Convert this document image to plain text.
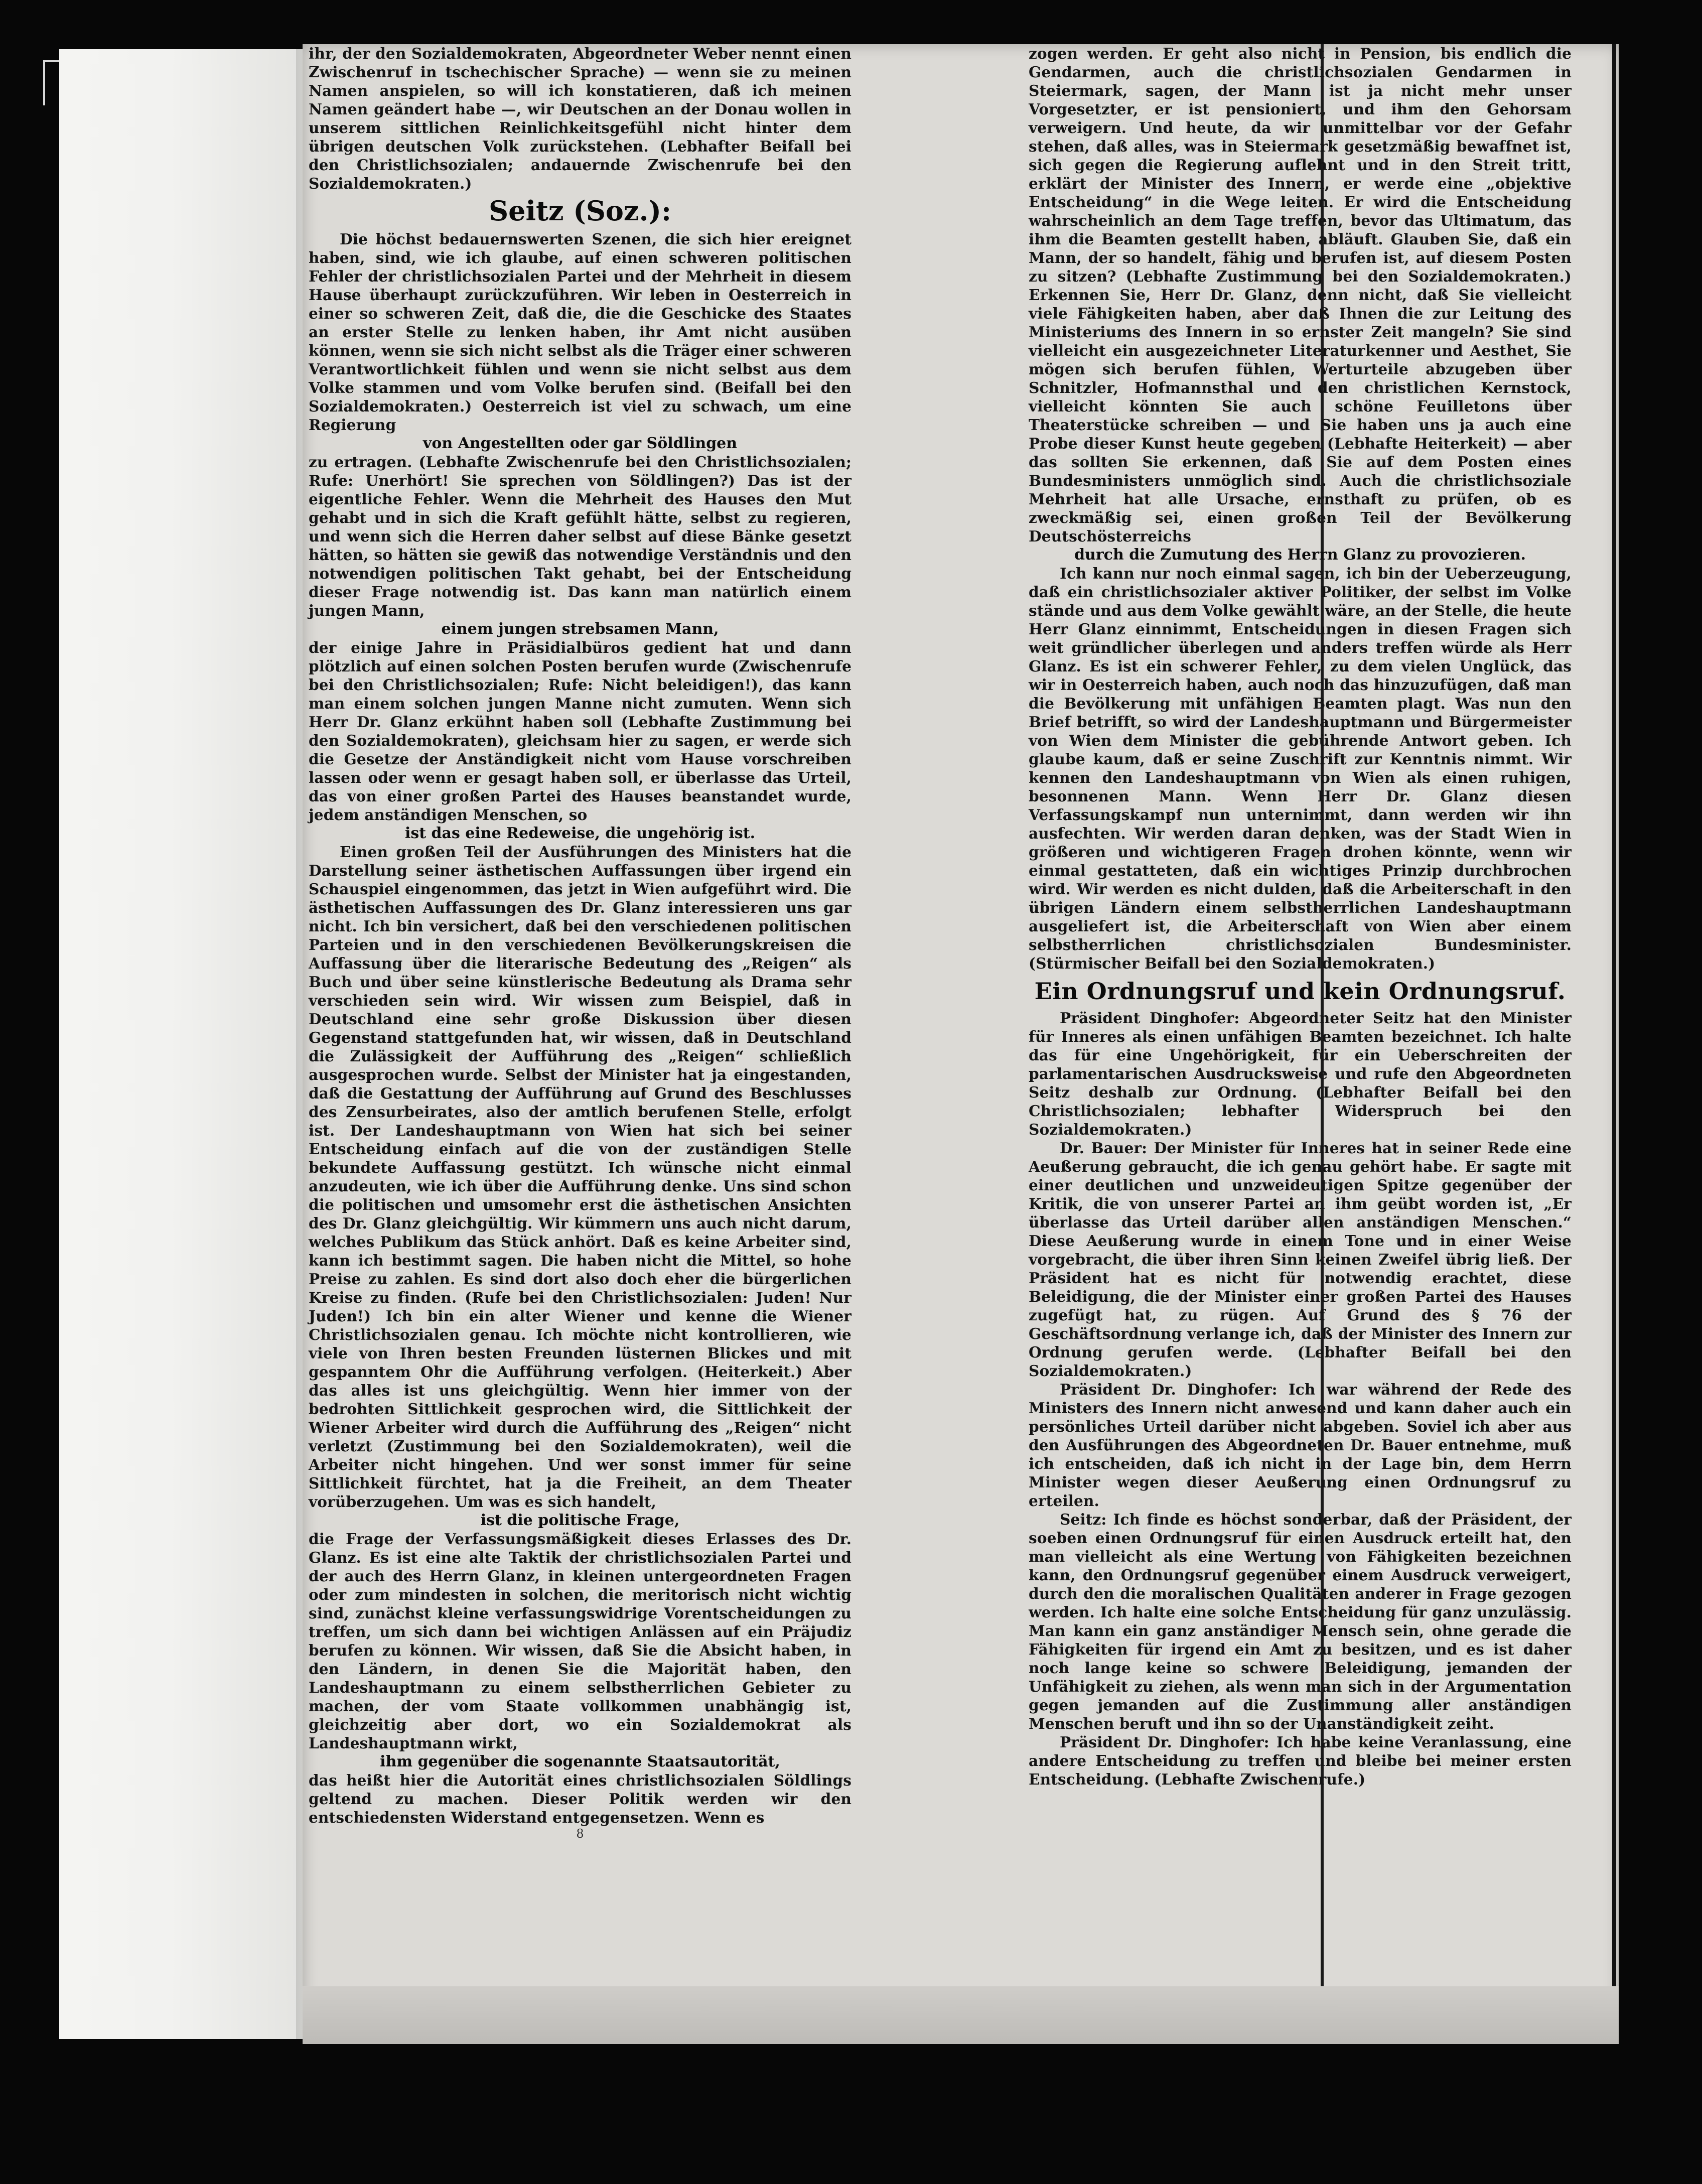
ihr, der den Sozialdemokraten, Abgeordneter Weber nennt einen Zwischenruf in tschechischer Sprache) — wenn sie zu meinen Namen anspielen, so will ich konstatieren, daß ich meinen Namen geändert habe —, wir Deutschen an der Donau wollen in unserem sittlichen Reinlichkeitsgefühl nicht hinter dem übrigen deutschen Volk zurückstehen. (Lebhafter Beifall bei den Christlichsozialen; andauernde Zwischenrufe bei den Sozialdemokraten.)

Seitz (Soz.):

Die höchst bedauernswerten Szenen, die sich hier ereignet haben, sind, wie ich glaube, auf einen schweren politischen Fehler der christlichsozialen Partei und der Mehrheit in diesem Hause überhaupt zurückzuführen. Wir leben in Oesterreich in einer so schweren Zeit, daß die, die die Geschicke des Staates an erster Stelle zu lenken haben, ihr Amt nicht ausüben können, wenn sie sich nicht selbst als die Träger einer schweren Verantwortlichkeit fühlen und wenn sie nicht selbst aus dem Volke stammen und vom Volke berufen sind. (Beifall bei den Sozialdemokraten.) Oesterreich ist viel zu schwach, um eine Regierung

von Angestellten oder gar Söldlingen

zu ertragen. (Lebhafte Zwischenrufe bei den Christlichsozialen; Rufe: Unerhört! Sie sprechen von Söldlingen?) Das ist der eigentliche Fehler. Wenn die Mehrheit des Hauses den Mut gehabt und in sich die Kraft gefühlt hätte, selbst zu regieren, und wenn sich die Herren daher selbst auf diese Bänke gesetzt hätten, so hätten sie gewiß das notwendige Verständnis und den notwendigen politischen Takt gehabt, bei der Entscheidung dieser Frage notwendig ist. Das kann man natürlich einem jungen Mann,

einem jungen strebsamen Mann,

der einige Jahre in Präsidialbüros gedient hat und dann plötzlich auf einen solchen Posten berufen wurde (Zwischenrufe bei den Christlichsozialen; Rufe: Nicht beleidigen!), das kann man einem solchen jungen Manne nicht zumuten. Wenn sich Herr Dr. Glanz erkühnt haben soll (Lebhafte Zustimmung bei den Sozialdemokraten), gleichsam hier zu sagen, er werde sich die Gesetze der Anständigkeit nicht vom Hause vorschreiben lassen oder wenn er gesagt haben soll, er überlasse das Urteil, das von einer großen Partei des Hauses beanstandet wurde, jedem anständigen Menschen, so

ist das eine Redeweise, die ungehörig ist.

Einen großen Teil der Ausführungen des Ministers hat die Darstellung seiner ästhetischen Auffassungen über irgend ein Schauspiel eingenommen, das jetzt in Wien aufgeführt wird. Die ästhetischen Auffassungen des Dr. Glanz interessieren uns gar nicht. Ich bin versichert, daß bei den verschiedenen politischen Parteien und in den verschiedenen Bevölkerungskreisen die Auffassung über die literarische Bedeutung des „Reigen“ als Buch und über seine künstlerische Bedeutung als Drama sehr verschieden sein wird. Wir wissen zum Beispiel, daß in Deutschland eine sehr große Diskussion über diesen Gegenstand stattgefunden hat, wir wissen, daß in Deutschland die Zulässigkeit der Aufführung des „Reigen“ schließlich ausgesprochen wurde. Selbst der Minister hat ja eingestanden, daß die Gestattung der Aufführung auf Grund des Beschlusses des Zensurbeirates, also der amtlich berufenen Stelle, erfolgt ist. Der Landeshauptmann von Wien hat sich bei seiner Entscheidung einfach auf die von der zuständigen Stelle bekundete Auffassung gestützt. Ich wünsche nicht einmal anzudeuten, wie ich über die Aufführung denke. Uns sind schon die politischen und umsomehr erst die ästhetischen Ansichten des Dr. Glanz gleichgültig. Wir kümmern uns auch nicht darum, welches Publikum das Stück anhört. Daß es keine Arbeiter sind, kann ich bestimmt sagen. Die haben nicht die Mittel, so hohe Preise zu zahlen. Es sind dort also doch eher die bürgerlichen Kreise zu finden. (Rufe bei den Christlichsozialen: Juden! Nur Juden!) Ich bin ein alter Wiener und kenne die Wiener Christlichsozialen genau. Ich möchte nicht kontrollieren, wie viele von Ihren besten Freunden lüsternen Blickes und mit gespanntem Ohr die Aufführung verfolgen. (Heiterkeit.) Aber das alles ist uns gleichgültig. Wenn hier immer von der bedrohten Sittlichkeit gesprochen wird, die Sittlichkeit der Wiener Arbeiter wird durch die Aufführung des „Reigen“ nicht verletzt (Zustimmung bei den Sozialdemokraten), weil die Arbeiter nicht hingehen. Und wer sonst immer für seine Sittlichkeit fürchtet, hat ja die Freiheit, an dem Theater vorüberzugehen. Um was es sich handelt,

ist die politische Frage,

die Frage der Verfassungsmäßigkeit dieses Erlasses des Dr. Glanz. Es ist eine alte Taktik der christlichsozialen Partei und der auch des Herrn Glanz, in kleinen untergeordneten Fragen oder zum mindesten in solchen, die meritorisch nicht wichtig sind, zunächst kleine verfassungswidrige Vorentscheidungen zu treffen, um sich dann bei wichtigen Anlässen auf ein Präjudiz berufen zu können. Wir wissen, daß Sie die Absicht haben, in den Ländern, in denen Sie die Majorität haben, den Landeshauptmann zu einem selbstherrlichen Gebieter zu machen, der vom Staate vollkommen unabhängig ist, gleichzeitig aber dort, wo ein Sozialdemokrat als Landeshauptmann wirkt,

ihm gegenüber die sogenannte Staatsautorität,

das heißt hier die Autorität eines christlichsozialen Söldlings geltend zu machen. Dieser Politik werden wir den entschiedensten Widerstand entgegensetzen. Wenn es

8

zogen werden. Er geht also nicht in Pension, bis endlich die Gendarmen, auch die christlichsozialen Gendarmen in Steiermark, sagen, der Mann ist ja nicht mehr unser Vorgesetzter, er ist pensioniert, und ihm den Gehorsam verweigern. Und heute, da wir unmittelbar vor der Gefahr stehen, daß alles, was in Steiermark gesetzmäßig bewaffnet ist, sich gegen die Regierung auflehnt und in den Streit tritt, erklärt der Minister des Innern, er werde eine „objektive Entscheidung“ in die Wege leiten. Er wird die Entscheidung wahrscheinlich an dem Tage treffen, bevor das Ultimatum, das ihm die Beamten gestellt haben, abläuft. Glauben Sie, daß ein Mann, der so handelt, fähig und berufen ist, auf diesem Posten zu sitzen? (Lebhafte Zustimmung bei den Sozialdemokraten.) Erkennen Sie, Herr Dr. Glanz, denn nicht, daß Sie vielleicht viele Fähigkeiten haben, aber daß Ihnen die zur Leitung des Ministeriums des Innern in so ernster Zeit mangeln? Sie sind vielleicht ein ausgezeichneter Literaturkenner und Aesthet, Sie mögen sich berufen fühlen, Werturteile abzugeben über Schnitzler, Hofmannsthal und den christlichen Kernstock, vielleicht könnten Sie auch schöne Feuilletons über Theaterstücke schreiben — und Sie haben uns ja auch eine Probe dieser Kunst heute gegeben (Lebhafte Heiterkeit) — aber das sollten Sie erkennen, daß Sie auf dem Posten eines Bundesministers unmöglich sind. Auch die christlichsoziale Mehrheit hat alle Ursache, ernsthaft zu prüfen, ob es zweckmäßig sei, einen großen Teil der Bevölkerung Deutschösterreichs

durch die Zumutung des Herrn Glanz zu provozieren.

Ich kann nur noch einmal sagen, ich bin der Ueberzeugung, daß ein christlichsozialer aktiver Politiker, der selbst im Volke stände und aus dem Volke gewählt wäre, an der Stelle, die heute Herr Glanz einnimmt, Entscheidungen in diesen Fragen sich weit gründlicher überlegen und anders treffen würde als Herr Glanz. Es ist ein schwerer Fehler, zu dem vielen Unglück, das wir in Oesterreich haben, auch noch das hinzuzufügen, daß man die Bevölkerung mit unfähigen Beamten plagt. Was nun den Brief betrifft, so wird der Landeshauptmann und Bürgermeister von Wien dem Minister die gebührende Antwort geben. Ich glaube kaum, daß er seine Zuschrift zur Kenntnis nimmt. Wir kennen den Landeshauptmann von Wien als einen ruhigen, besonnenen Mann. Wenn Herr Dr. Glanz diesen Verfassungskampf nun unternimmt, dann werden wir ihn ausfechten. Wir werden daran denken, was der Stadt Wien in größeren und wichtigeren Fragen drohen könnte, wenn wir einmal gestatteten, daß ein wichtiges Prinzip durchbrochen wird. Wir werden es nicht dulden, daß die Arbeiterschaft in den übrigen Ländern einem selbstherrlichen Landeshauptmann ausgeliefert ist, die Arbeiterschaft von Wien aber einem selbstherrlichen christlichsozialen Bundesminister. (Stürmischer Beifall bei den Sozialdemokraten.)

Ein Ordnungsruf und kein Ordnungsruf.

Präsident Dinghofer: Abgeordneter Seitz hat den Minister für Inneres als einen unfähigen Beamten bezeichnet. Ich halte das für eine Ungehörigkeit, für ein Ueberschreiten der parlamentarischen Ausdrucksweise und rufe den Abgeordneten Seitz deshalb zur Ordnung. (Lebhafter Beifall bei den Christlichsozialen; lebhafter Widerspruch bei den Sozialdemokraten.)

Dr. Bauer: Der Minister für Inneres hat in seiner Rede eine Aeußerung gebraucht, die ich genau gehört habe. Er sagte mit einer deutlichen und unzweideutigen Spitze gegenüber der Kritik, die von unserer Partei an ihm geübt worden ist, „Er überlasse das Urteil darüber allen anständigen Menschen.“ Diese Aeußerung wurde in einem Tone und in einer Weise vorgebracht, die über ihren Sinn keinen Zweifel übrig ließ. Der Präsident hat es nicht für notwendig erachtet, diese Beleidigung, die der Minister einer großen Partei des Hauses zugefügt hat, zu rügen. Auf Grund des § 76 der Geschäftsordnung verlange ich, daß der Minister des Innern zur Ordnung gerufen werde. (Lebhafter Beifall bei den Sozialdemokraten.)

Präsident Dr. Dinghofer: Ich war während der Rede des Ministers des Innern nicht anwesend und kann daher auch ein persönliches Urteil darüber nicht abgeben. Soviel ich aber aus den Ausführungen des Abgeordneten Dr. Bauer entnehme, muß ich entscheiden, daß ich nicht in der Lage bin, dem Herrn Minister wegen dieser Aeußerung einen Ordnungsruf zu erteilen.

Seitz: Ich finde es höchst sonderbar, daß der Präsident, der soeben einen Ordnungsruf für einen Ausdruck erteilt hat, den man vielleicht als eine Wertung von Fähigkeiten bezeichnen kann, den Ordnungsruf gegenüber einem Ausdruck verweigert, durch den die moralischen Qualitäten anderer in Frage gezogen werden. Ich halte eine solche Entscheidung für ganz unzulässig. Man kann ein ganz anständiger Mensch sein, ohne gerade die Fähigkeiten für irgend ein Amt zu besitzen, und es ist daher noch lange keine so schwere Beleidigung, jemanden der Unfähigkeit zu ziehen, als wenn man sich in der Argumentation gegen jemanden auf die Zustimmung aller anständigen Menschen beruft und ihn so der Unanständigkeit zeiht.

Präsident Dr. Dinghofer: Ich habe keine Veranlassung, eine andere Entscheidung zu treffen und bleibe bei meiner ersten Entscheidung. (Lebhafte Zwischenrufe.)
